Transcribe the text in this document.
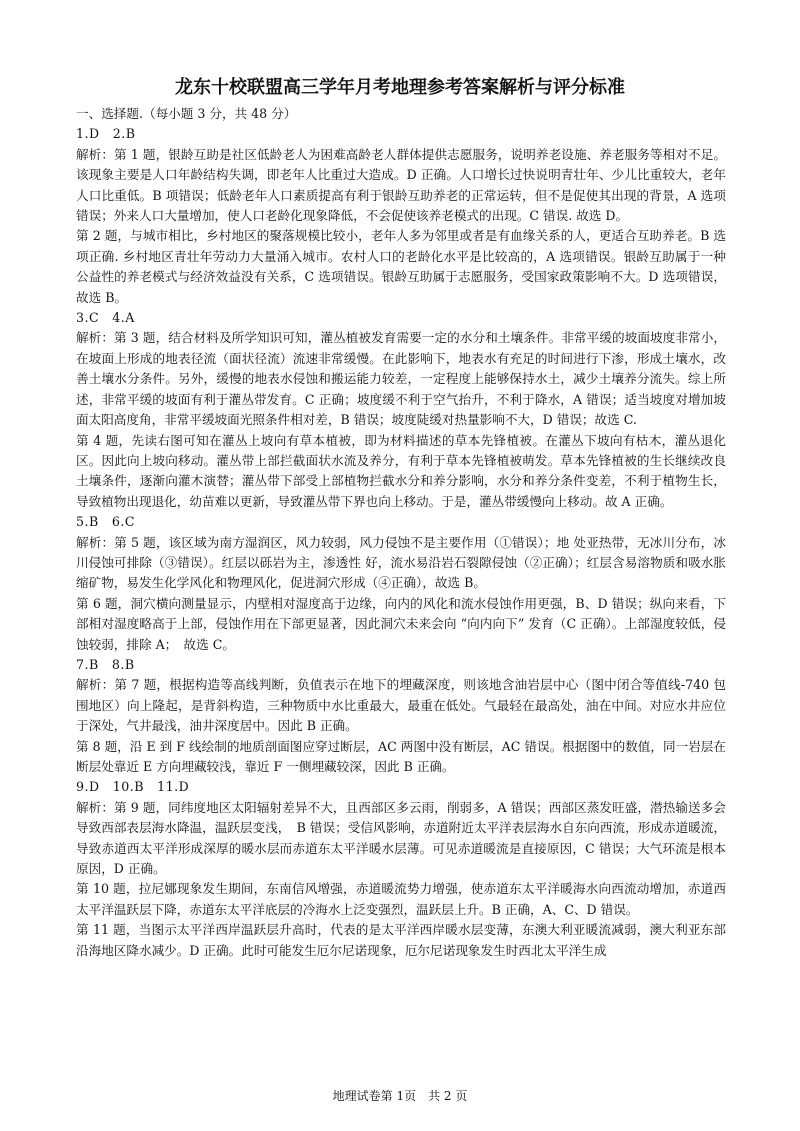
龙东十校联盟高三学年月考地理参考答案解析与评分标准

一、选择题.（每小题 3 分，共 48 分）

1.D　2.B

解析：第 1 题，银龄互助是社区低龄老人为困难高龄老人群体提供志愿服务，说明养老设施、养老服务等相对不足。该现象主要是人口年龄结构失调，即老年人比重过大造成。D 正确。人口增长过快说明青壮年、少儿比重较大，老年人口比重低。B 项错误；低龄老年人口素质提高有利于银龄互助养老的正常运转，但不是促使其出现的背景，A 选项错误；外来人口大量增加，使人口老龄化现象降低，不会促使该养老模式的出现。C 错误. 故选 D。

第 2 题，与城市相比，乡村地区的聚落规模比较小，老年人多为邻里或者是有血缘关系的人，更适合互助养老。B 选项正确. 乡村地区青壮年劳动力大量涌入城市。农村人口的老龄化水平是比较高的，A 选项错误。银龄互助属于一种公益性的养老模式与经济效益没有关系，C 选项错误。银龄互助属于志愿服务，受国家政策影响不大。D 选项错误，故选 B。

3.C　4.A

解析：第 3 题，结合材料及所学知识可知，灌丛植被发育需要一定的水分和土壤条件。非常平缓的坡面坡度非常小，在坡面上形成的地表径流（面状径流）流速非常缓慢。在此影响下，地表水有充足的时间进行下渗，形成土壤水，改善土壤水分条件。另外，缓慢的地表水侵蚀和搬运能力较差，一定程度上能够保持水土，减少土壤养分流失。综上所述，非常平缓的坡面有利于灌丛带发育。C 正确；坡度缓不利于空气抬升，不利于降水，A 错误；适当坡度对增加坡面太阳高度角，非常平缓坡面光照条件相对差，B 错误；坡度陡缓对热量影响不大，D 错误；故选 C.

第 4 题，先读右图可知在灌丛上坡向有草本植被，即为材料描述的草本先锋植被。在灌丛下坡向有枯木，灌丛退化区。因此向上坡向移动。灌丛带上部拦截面状水流及养分，有利于草本先锋植被萌发。草本先锋植被的生长继续改良土壤条件，逐渐向灌木演替；灌丛带下部受上部植物拦截水分和养分影响，水分和养分条件变差，不利于植物生长，导致植物出现退化，幼苗难以更新，导致灌丛带下界也向上移动。于是，灌丛带缓慢向上移动。故 A 正确。

5.B　6.C

解析：第 5 题，该区域为南方湿润区，风力较弱，风力侵蚀不是主要作用（①错误）；地 处亚热带，无冰川分布，冰川侵蚀可排除（③错误）。红层以砾岩为主，渗透性 好，流水易沿岩石裂隙侵蚀（②正确）；红层含易溶物质和吸水胀缩矿物，易发生化学风化和物理风化，促进洞穴形成（④正确），故选 B。

第 6 题，洞穴横向测量显示，内壁相对湿度高于边缘，向内的风化和流水侵蚀作用更强，B、D 错误；纵向来看，下部相对湿度略高于上部，侵蚀作用在下部更显著，因此洞穴未来会向 “向内向下” 发育（C 正确）。上部湿度较低，侵蚀较弱，排除 A；　故选 C。

7.B　8.B

解析：第 7 题，根据构造等高线判断，负值表示在地下的埋藏深度，则该地含油岩层中心（图中闭合等值线-740 包围地区）向上隆起，是背斜构造，三种物质中水比重最大，最重在低处。气最轻在最高处，油在中间。对应水井应位于深处，气井最浅，油井深度居中。因此 B 正确。

第 8 题，沿 E 到 F 线绘制的地质剖面图应穿过断层，AC 两图中没有断层，AC 错误。根据图中的数值，同一岩层在断层处靠近 E 方向埋藏较浅，靠近 F 一侧埋藏较深，因此 B 正确。

9.D　10.B　11.D

解析：第 9 题，同纬度地区太阳辐射差异不大，且西部区多云雨，削弱多，A 错误；西部区蒸发旺盛，潜热输送多会导致西部表层海水降温，温跃层变浅，　B 错误；受信风影响，赤道附近太平洋表层海水自东向西流，形成赤道暖流，导致赤道西太平洋形成深厚的暖水层而赤道东太平洋暖水层薄。可见赤道暖流是直接原因，C 错误；大气环流是根本原因，D 正确。

第 10 题，拉尼娜现象发生期间，东南信风增强，赤道暖流势力增强，使赤道东太平洋暖海水向西流动增加，赤道西太平洋温跃层下降，赤道东太平洋底层的冷海水上泛变强烈，温跃层上升。B 正确，A、C、D 错误。

第 11 题，当图示太平洋西岸温跃层升高时，代表的是太平洋西岸暖水层变薄，东澳大利亚暖流减弱，澳大利亚东部沿海地区降水减少。D 正确。此时可能发生厄尔尼诺现象，厄尔尼诺现象发生时西北太平洋生成

地理试卷第 1页　共 2 页
